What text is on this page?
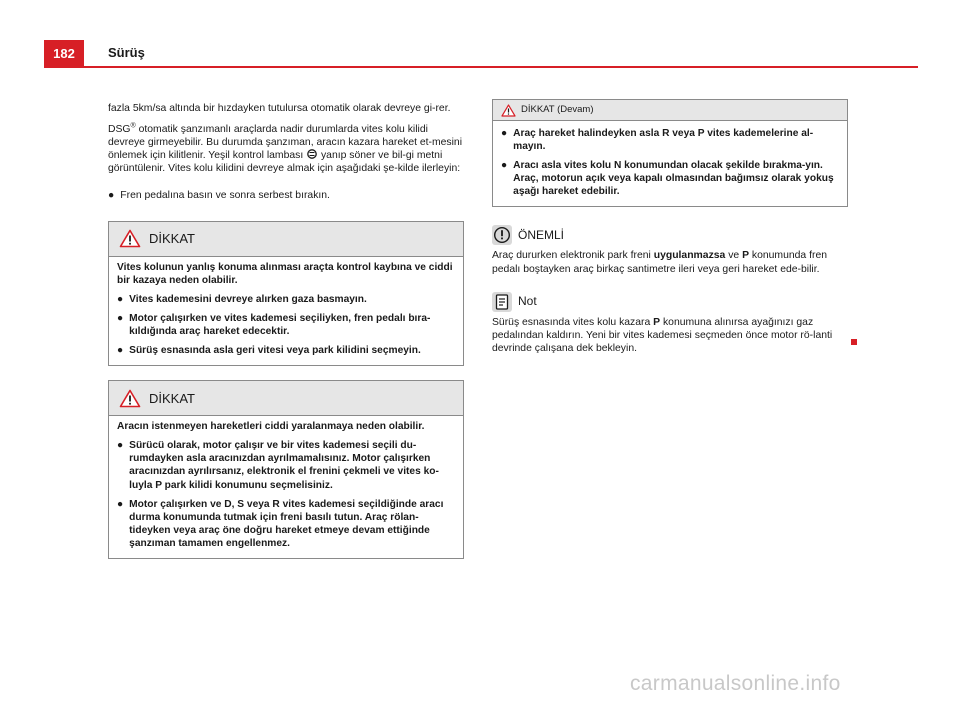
182	Sürüş

fazla 5km/sa altında bir hızdayken tutulursa otomatik olarak devreye gi-rer.

DSG® otomatik şanzımanlı araçlarda nadir durumlarda vites kolu kilidi devreye girmeyebilir. Bu durumda şanzıman, aracın kazara hareket et-mesini önlemek için kilitlenir. Yeşil kontrol lambası  yanıp söner ve bil-gi metni görüntülenir. Vites kolu kilidini devreye almak için aşağıdaki şe-kilde ilerleyin:

● Fren pedalına basın ve sonra serbest bırakın.
DİKKAT

Vites kolunun yanlış konuma alınması araçta kontrol kaybına ve ciddi bir kazaya neden olabilir.

● Vites kademesini devreye alırken gaza basmayın.
● Motor çalışırken ve vites kademesi seçiliyken, fren pedalı bıra-kıldığında araç hareket edecektir.
● Sürüş esnasında asla geri vitesi veya park kilidini seçmeyin.
DİKKAT

Aracın istenmeyen hareketleri ciddi yaralanmaya neden olabilir.

● Sürücü olarak, motor çalışır ve bir vites kademesi seçili du-rumdayken asla aracınızdan ayrılmamalısınız. Motor çalışırken aracınızdan ayrılırsanız, elektronik el frenini çekmeli ve vites ko-luyla P park kilidi konumunu seçmelisiniz.
● Motor çalışırken ve D, S veya R vites kademesi seçildiğinde aracı durma konumunda tutmak için freni basılı tutun. Araç rölan-tideyken veya araç öne doğru hareket etmeye devam ettiğinde şanzıman tamamen engellenmez.
DİKKAT (Devam)
● Araç hareket halindeyken asla R veya P vites kademelerine al-mayın.
● Aracı asla vites kolu N konumundan olacak şekilde bırakma-yın. Araç, motorun açık veya kapalı olmasından bağımsız olarak yokuş aşağı hareket edebilir.
ÖNEMLİ

Araç dururken elektronik park freni uygulanmazsa ve P konumunda fren pedalı boştayken araç birkaç santimetre ileri veya geri hareket ede-bilir.

Not

Sürüş esnasında vites kolu kazara P konumuna alınırsa ayağınızı gaz pedalından kaldırın. Yeni bir vites kademesi seçmeden önce motor rö-lanti devrinde çalışana dek bekleyin.

carmanualsonline.info
